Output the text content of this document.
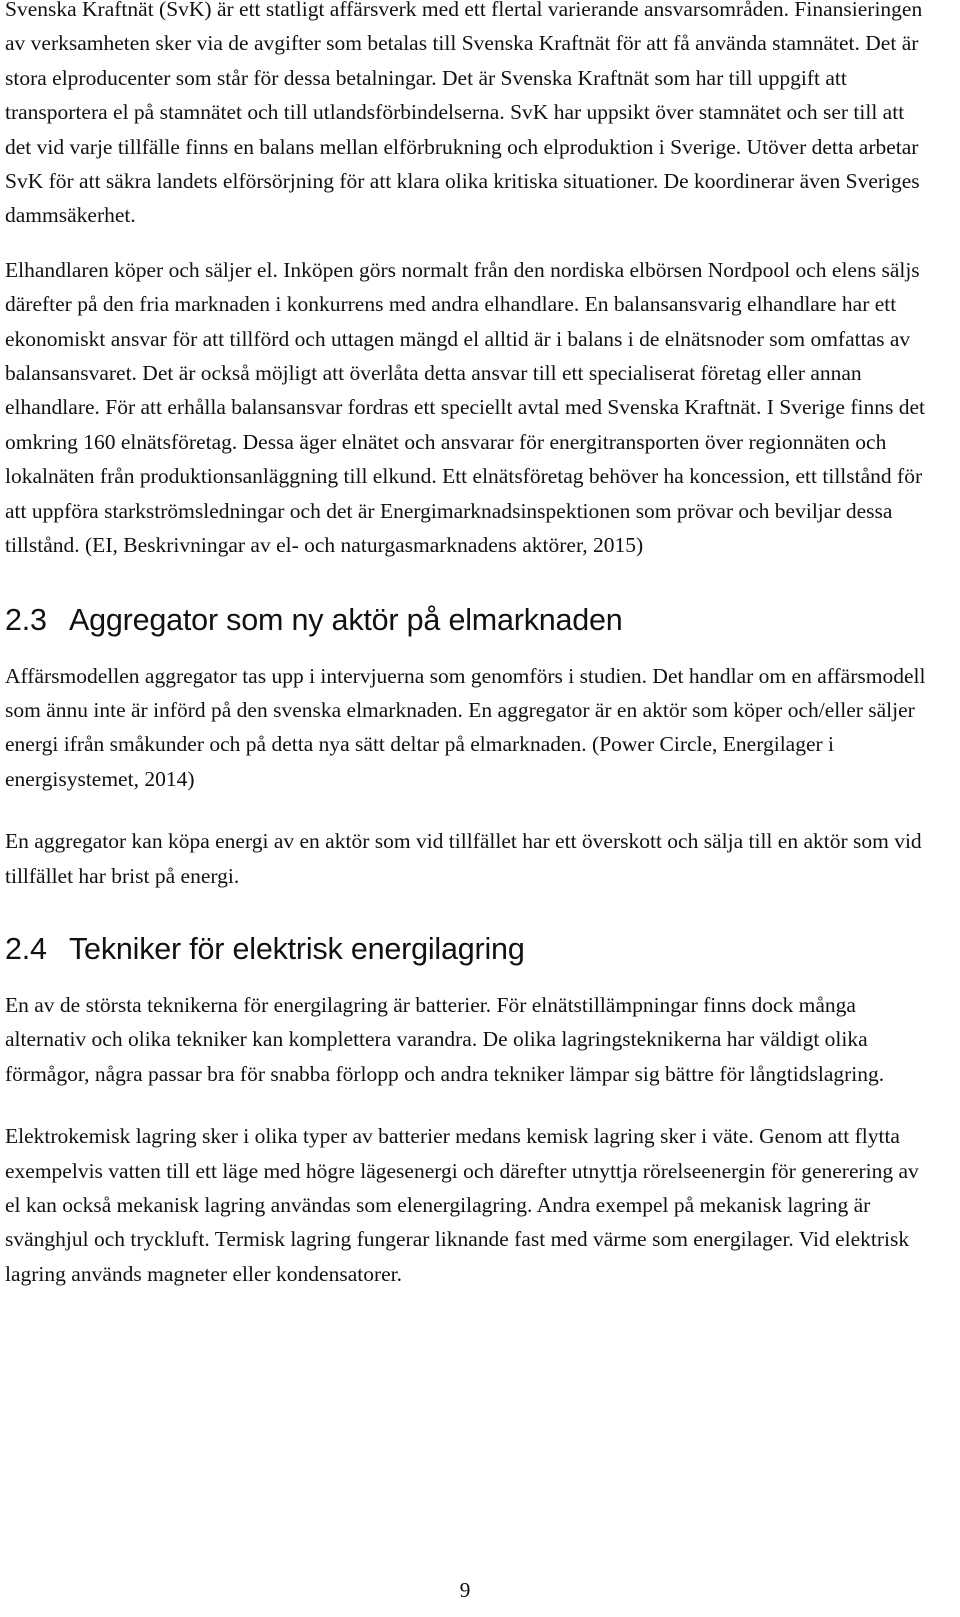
Svenska Kraftnät (SvK) är ett statligt affärsverk med ett flertal varierande ansvarsområden. Finansieringen av verksamheten sker via de avgifter som betalas till Svenska Kraftnät för att få använda stamnätet. Det är stora elproducenter som står för dessa betalningar. Det är Svenska Kraftnät som har till uppgift att transportera el på stamnätet och till utlandsförbindelserna. SvK har uppsikt över stamnätet och ser till att det vid varje tillfälle finns en balans mellan elförbrukning och elproduktion i Sverige. Utöver detta arbetar SvK för att säkra landets elförsörjning för att klara olika kritiska situationer. De koordinerar även Sveriges dammsäkerhet.

Elhandlaren köper och säljer el. Inköpen görs normalt från den nordiska elbörsen Nordpool och elens säljs därefter på den fria marknaden i konkurrens med andra elhandlare. En balansansvarig elhandlare har ett ekonomiskt ansvar för att tillförd och uttagen mängd el alltid är i balans i de elnätsnoder som omfattas av balansansvaret. Det är också möjligt att överlåta detta ansvar till ett specialiserat företag eller annan elhandlare. För att erhålla balansansvar fordras ett speciellt avtal med Svenska Kraftnät. I Sverige finns det omkring 160 elnätsföretag. Dessa äger elnätet och ansvarar för energitransporten över regionnäten och lokalnäten från produktionsanläggning till elkund. Ett elnätsföretag behöver ha koncession, ett tillstånd för att uppföra starkströmsledningar och det är Energimarknadsinspektionen som prövar och beviljar dessa tillstånd. (EI, Beskrivningar av el- och naturgasmarknadens aktörer, 2015)

2.3 Aggregator som ny aktör på elmarknaden

Affärsmodellen aggregator tas upp i intervjuerna som genomförs i studien. Det handlar om en affärsmodell som ännu inte är införd på den svenska elmarknaden. En aggregator är en aktör som köper och/eller säljer energi ifrån småkunder och på detta nya sätt deltar på elmarknaden. (Power Circle, Energilager i energisystemet, 2014)

En aggregator kan köpa energi av en aktör som vid tillfället har ett överskott och sälja till en aktör som vid tillfället har brist på energi.

2.4 Tekniker för elektrisk energilagring

En av de största teknikerna för energilagring är batterier. För elnätstillämpningar finns dock många alternativ och olika tekniker kan komplettera varandra. De olika lagringsteknikerna har väldigt olika förmågor, några passar bra för snabba förlopp och andra tekniker lämpar sig bättre för långtidslagring.

Elektrokemisk lagring sker i olika typer av batterier medans kemisk lagring sker i väte. Genom att flytta exempelvis vatten till ett läge med högre lägesenergi och därefter utnyttja rörelseenergin för generering av el kan också mekanisk lagring användas som elenergilagring. Andra exempel på mekanisk lagring är svänghjul och tryckluft. Termisk lagring fungerar liknande fast med värme som energilager. Vid elektrisk lagring används magneter eller kondensatorer.

9
